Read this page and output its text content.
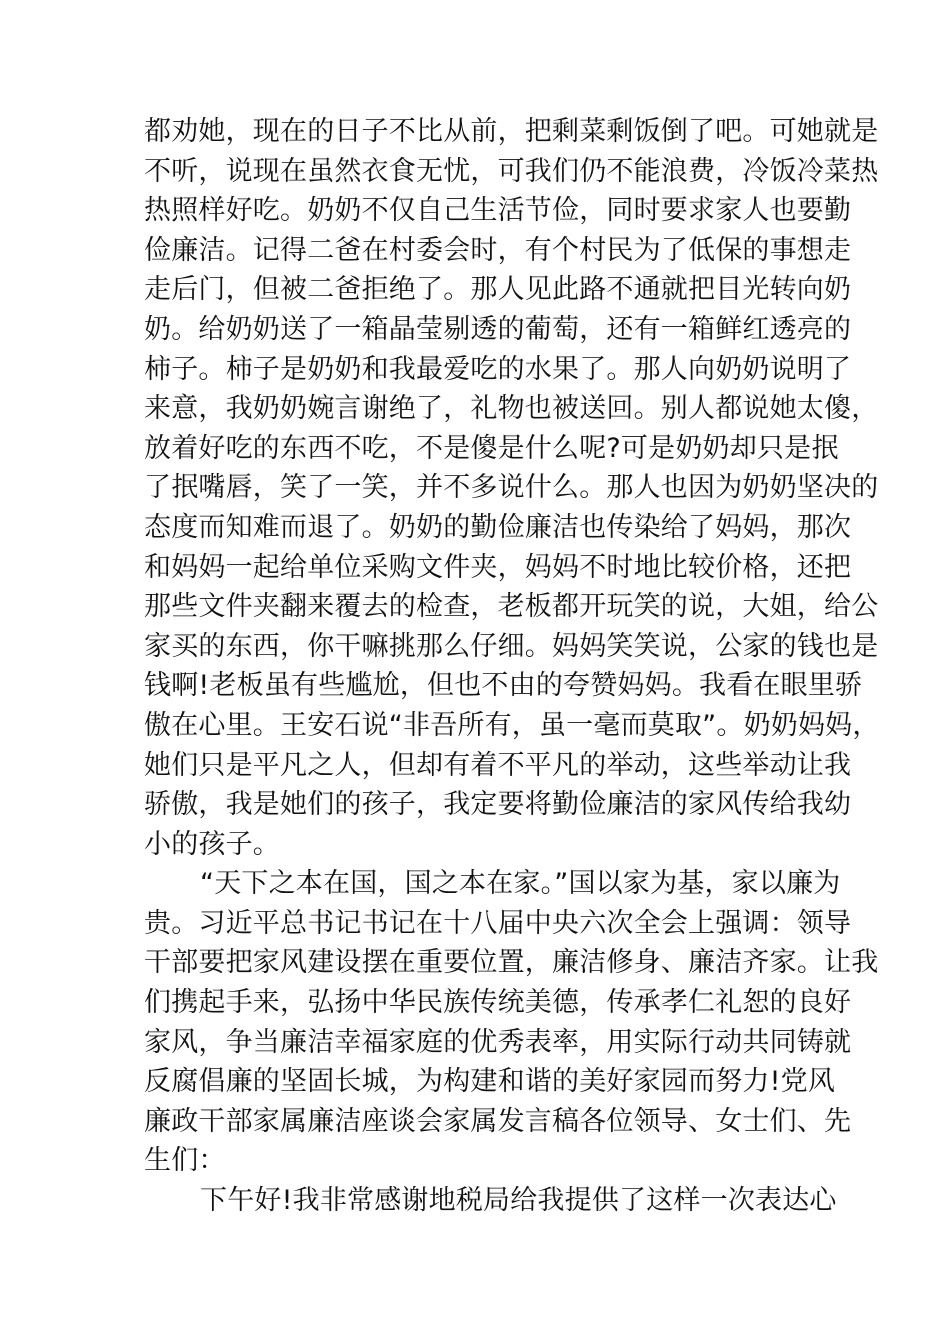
都劝她，现在的日子不比从前，把剩菜剩饭倒了吧。可她就是
不听，说现在虽然衣食无忧，可我们仍不能浪费，冷饭冷菜热
热照样好吃。奶奶不仅自己生活节俭，同时要求家人也要勤
俭廉洁。记得二爸在村委会时，有个村民为了低保的事想走
走后门，但被二爸拒绝了。那人见此路不通就把目光转向奶
奶。给奶奶送了一箱晶莹剔透的葡萄，还有一箱鲜红透亮的
柿子。柿子是奶奶和我最爱吃的水果了。那人向奶奶说明了
来意，我奶奶婉言谢绝了，礼物也被送回。别人都说她太傻，
放着好吃的东西不吃，不是傻是什么呢?可是奶奶却只是抿
了抿嘴唇，笑了一笑，并不多说什么。那人也因为奶奶坚决的
态度而知难而退了。奶奶的勤俭廉洁也传染给了妈妈，那次
和妈妈一起给单位采购文件夹，妈妈不时地比较价格，还把
那些文件夹翻来覆去的检查，老板都开玩笑的说，大姐，给公
家买的东西，你干嘛挑那么仔细。妈妈笑笑说，公家的钱也是
钱啊!老板虽有些尴尬，但也不由的夸赞妈妈。我看在眼里骄
傲在心里。王安石说“非吾所有，虽一毫而莫取”。奶奶妈妈，
她们只是平凡之人，但却有着不平凡的举动，这些举动让我
骄傲，我是她们的孩子，我定要将勤俭廉洁的家风传给我幼
小的孩子。
“天下之本在国，国之本在家。”国以家为基，家以廉为
贵。习近平总书记书记在十八届中央六次全会上强调：领导
干部要把家风建设摆在重要位置，廉洁修身、廉洁齐家。让我
们携起手来，弘扬中华民族传统美德，传承孝仁礼恕的良好
家风，争当廉洁幸福家庭的优秀表率，用实际行动共同铸就
反腐倡廉的坚固长城，为构建和谐的美好家园而努力!党风
廉政干部家属廉洁座谈会家属发言稿各位领导、女士们、先
生们：
下午好!我非常感谢地税局给我提供了这样一次表达心
